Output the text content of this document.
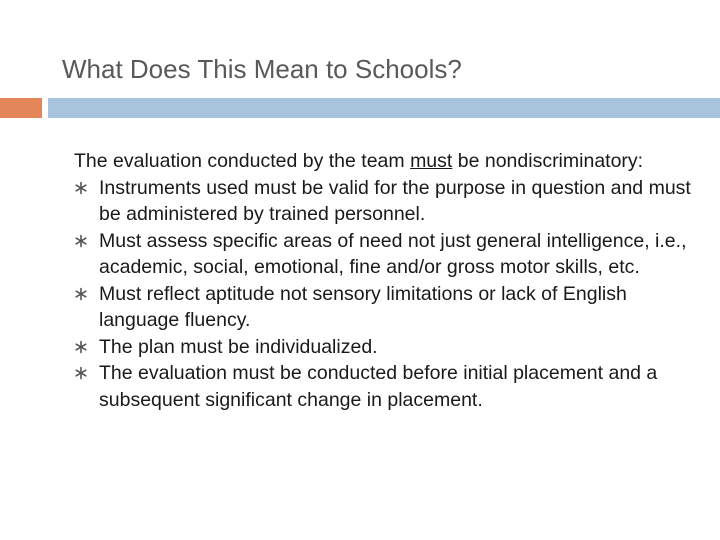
What Does This Mean to Schools?
The evaluation conducted by the team must be nondiscriminatory:
Instruments used must be valid for the purpose in question and must be administered by trained personnel.
Must assess specific areas of need not just general intelligence, i.e., academic, social, emotional, fine and/or gross motor skills, etc.
Must reflect aptitude not sensory limitations or lack of English language fluency.
The plan must be individualized.
The evaluation must be conducted before initial placement and a subsequent significant change in placement.
